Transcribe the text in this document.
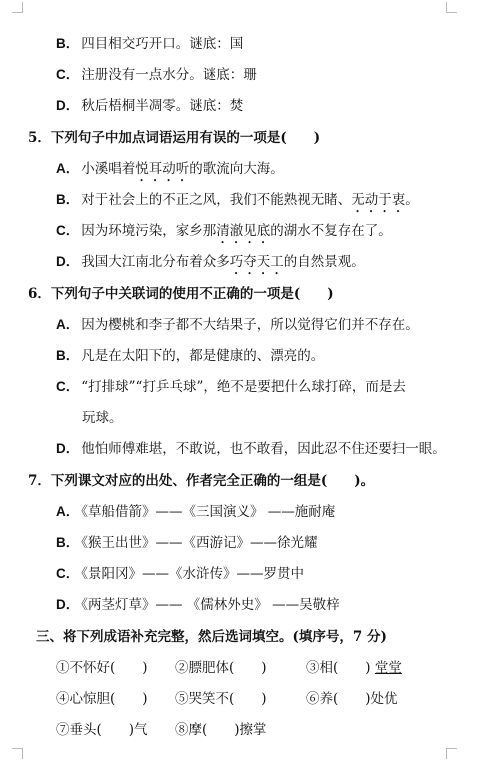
B． 四目相交巧开口。谜底：国
C． 注册没有一点水分。谜底：珊
D． 秋后梧桐半凋零。谜底：焚
5．下列句子中加点词语运用有误的一项是(　　)
A． 小溪唱着悦耳动听的歌流向大海。
B． 对于社会上的不正之风，我们不能熟视无睹、无动于衷。
C． 因为环境污染，家乡那清澈见底的湖水不复存在了。
D． 我国大江南北分布着众多巧夺天工的自然景观。
6．下列句子中关联词的使用不正确的一项是(　　)
A． 因为樱桃和李子都不大结果子，所以觉得它们并不存在。
B． 凡是在太阳下的，都是健康的、漂亮的。
C． “打排球”“打乒乓球”，绝不是要把什么球打碎，而是去
玩球。
D． 他怕师傅难堪，不敢说，也不敢看，因此忍不住还要扫一眼。
7．下列课文对应的出处、作者完全正确的一组是(　　)。
A． 《草船借箭》——《三国演义》 ——施耐庵
B． 《猴王出世》——《西游记》——徐光耀
C． 《景阳冈》——《水浒传》——罗贯中
D． 《两茎灯草》—— 《儒林外史》 ——吴敬梓
三、将下列成语补充完整，然后选词填空。(填序号，7 分)
①不怀好(　　) ②膘肥体(　　)	③相(　　) 堂堂
④心惊胆(　　) ⑤哭笑不(　　)	⑥养(　　)处优
⑦垂头(　　)气 ⑧摩(　　)擦掌
